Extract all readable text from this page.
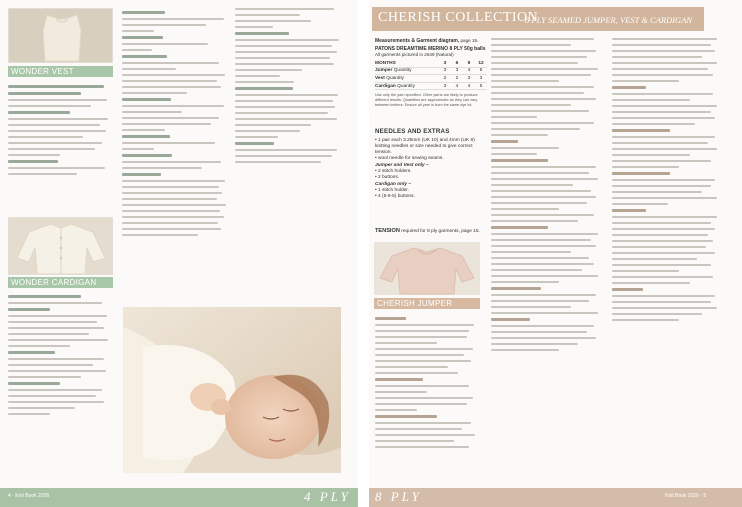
WONDER VEST
WONDER CARDIGAN
4 · Knit Book 2026	4 PLY
CHERISH COLLECTION
8 PLY SEAMED JUMPER, VEST & CARDIGAN
Measurements & Garment diagram, page 15.
PATONS DREAMTIME MERINO 8 PLY 50g balls
All garments pictured in 2649 (Natural)
MONTHS	3	6	9	12
Jumper Quantity	3	3	4	5
Vest Quantity	2	2	3	3
Cardigan Quantity	3	4	4	5
Use only the yarn specified. Other yarns are likely to produce different results. Quantities are approximate as they can vary between knitters. Ensure all yarn is from the same dye lot.
NEEDLES AND EXTRAS
• 1 pair each 3.25mm (UK 10) and 4mm (UK 8) knitting needles or size needed to give correct tension.
• wool needle for sewing seams.
Jumper and Vest only –
• 2 stitch holders.
• 2 buttons.
Cardigan only –
• 1 stitch holder.
• 4 (5-6-5) buttons.
TENSION required for 8 ply garments, page 15.
CHERISH JUMPER
8 PLY	Knit Book 2026 · 5
